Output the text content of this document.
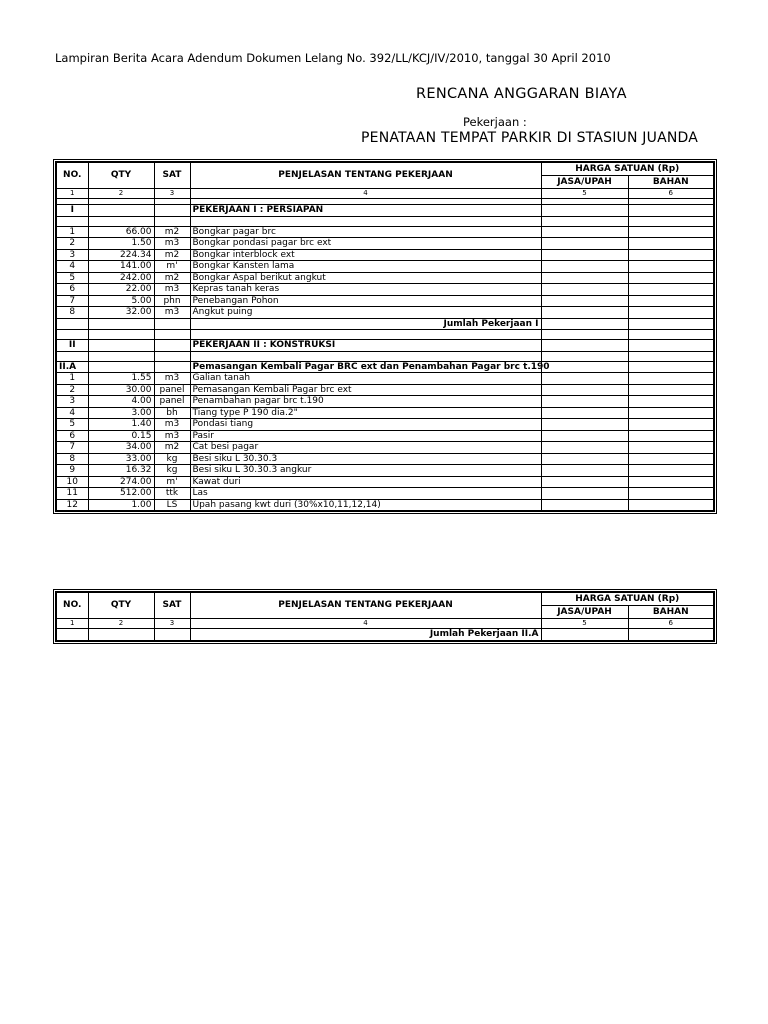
Lampiran Berita Acara Adendum Dokumen Lelang No. 392/LL/KCJ/IV/2010, tanggal 30 April 2010
RENCANA ANGGARAN BIAYA
Pekerjaan :
PENATAAN TEMPAT PARKIR DI STASIUN JUANDA
NO.	QTY	SAT	PENJELASAN TENTANG PEKERJAAN	HARGA SATUAN (Rp)	
				JASA/UPAH	BAHAN
1	2	3	4	5	6

I			PEKERJAAN I : PERSIAPAN		

1	66.00	m2	Bongkar pagar brc		
2	1.50	m3	Bongkar pondasi pagar brc ext		
3	224.34	m2	Bongkar interblock ext		
4	141.00	m'	Bongkar Kansten lama		
5	242.00	m2	Bongkar Aspal berikut angkut		
6	22.00	m3	Kepras tanah keras		
7	5.00	phn	Penebangan Pohon		
8	32.00	m3	Angkut puing		
			Jumlah Pekerjaan I		

II			PEKERJAAN II : KONSTRUKSI		

II.A			Pemasangan Kembali Pagar BRC ext dan Penambahan Pagar brc t.190		
1	1.55	m3	Galian tanah		
2	30.00	panel	Pemasangan Kembali Pagar brc ext		
3	4.00	panel	Penambahan pagar brc t.190		
4	3.00	bh	Tiang type P 190 dia.2"		
5	1.40	m3	Pondasi tiang		
6	0.15	m3	Pasir		
7	34.00	m2	Cat besi pagar		
8	33.00	kg	Besi siku L 30.30.3		
9	16.32	kg	Besi siku L 30.30.3 angkur		
10	274.00	m'	Kawat duri		
11	512.00	ttk	Las		
12	1.00	LS	Upah pasang kwt duri (30%x10,11,12,14)		
NO.	QTY	SAT	PENJELASAN TENTANG PEKERJAAN	HARGA SATUAN (Rp)	
				JASA/UPAH	BAHAN
1	2	3	4	5	6
			Jumlah Pekerjaan II.A		
